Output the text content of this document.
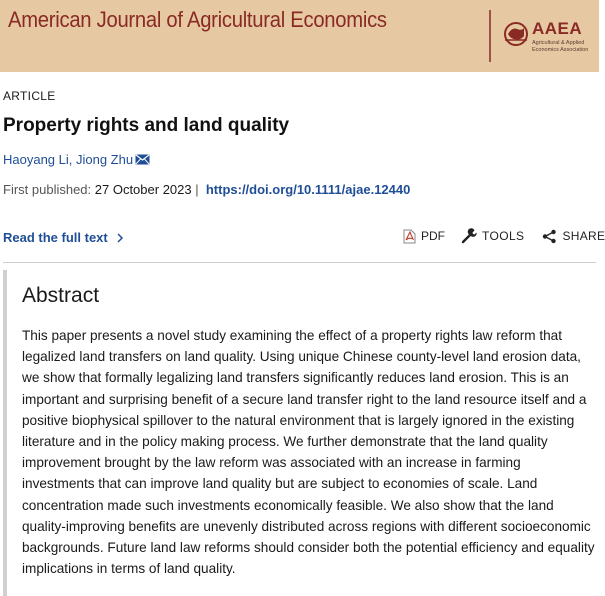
American Journal of Agricultural Economics	AAEA
Agricultural & Applied Economics Association
ARTICLE
Property rights and land quality
Haoyang Li, Jiong Zhu
First published: 27 October 2023 |  https://doi.org/10.1111/ajae.12440
Read the full text	PDF	TOOLS	SHARE
Abstract
This paper presents a novel study examining the effect of a property rights law reform that legalized land transfers on land quality. Using unique Chinese county-level land erosion data, we show that formally legalizing land transfers significantly reduces land erosion. This is an important and surprising benefit of a secure land transfer right to the land resource itself and a positive biophysical spillover to the natural environment that is largely ignored in the existing literature and in the policy making process. We further demonstrate that the land quality improvement brought by the law reform was associated with an increase in farming investments that can improve land quality but are subject to economies of scale. Land concentration made such investments economically feasible. We also show that the land quality-improving benefits are unevenly distributed across regions with different socioeconomic backgrounds. Future land law reforms should consider both the potential efficiency and equality implications in terms of land quality.
